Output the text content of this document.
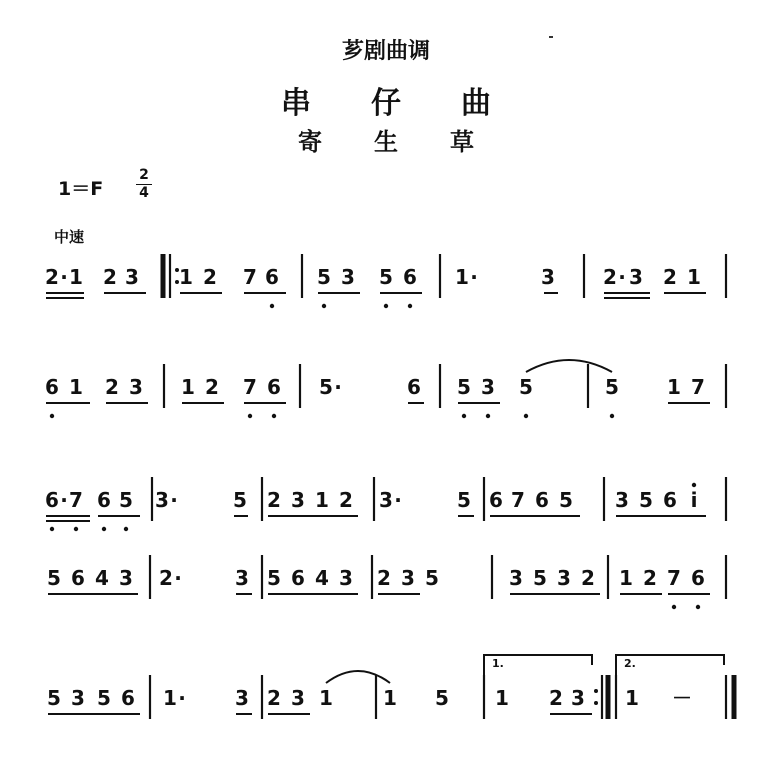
芗剧曲调
串仔曲
寄生草
1＝F
2
4
中速
2 · 1 2 3 1 2 7 6 5 3 5 6 1 ·	3 2 · 3 2 1
6 1 2 3 1 2 7 6 5 ·	6 5 3 5	5 1 7
6 · 7 6 5 3 ·	5 2 3 1 2 3 ·	5 6 7 6 5 3 5 6 i
5 6 4 3 2 ·	3 5 6 4 3 2 3 5	3 5 3 2 1 2 7 6
5 3 5 6 1 · 3 2 3 1	1 5 1 2 3 1 －
1.	2.
